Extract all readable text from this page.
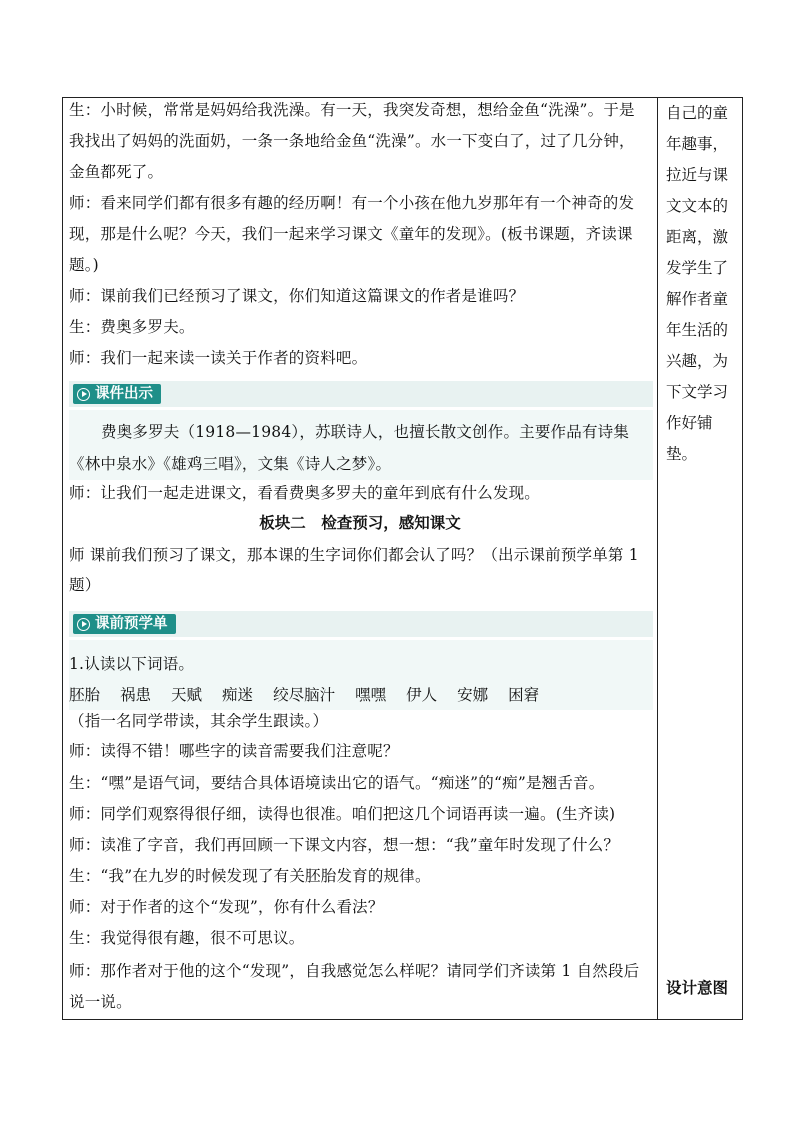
生：小时候，常常是妈妈给我洗澡。有一天，我突发奇想，想给金鱼“洗澡”。于是
我找出了妈妈的洗面奶，一条一条地给金鱼“洗澡”。水一下变白了，过了几分钟，
金鱼都死了。
师：看来同学们都有很多有趣的经历啊！有一个小孩在他九岁那年有一个神奇的发
现，那是什么呢？今天，我们一起来学习课文《童年的发现》。(板书课题，齐读课
题。)
师：课前我们已经预习了课文，你们知道这篇课文的作者是谁吗？
生：费奥多罗夫。
师：我们一起来读一读关于作者的资料吧。
课件出示
费奥多罗夫（1918—1984），苏联诗人，也擅长散文创作。主要作品有诗集
《林中泉水》《雄鸡三唱》，文集《诗人之梦》。
师：让我们一起走进课文，看看费奥多罗夫的童年到底有什么发现。
板块二　检查预习，感知课文
师 课前我们预习了课文，那本课的生字词你们都会认了吗？（出示课前预学单第 1
题）
课前预学单
1.认读以下词语。
胚胎 祸患 天赋 痴迷 绞尽脑汁 嘿嘿 伊人 安娜 困窘
（指一名同学带读，其余学生跟读。）
师：读得不错！哪些字的读音需要我们注意呢？
生：“嘿”是语气词，要结合具体语境读出它的语气。“痴迷”的“痴”是翘舌音。
师：同学们观察得很仔细，读得也很准。咱们把这几个词语再读一遍。(生齐读)
师：读准了字音，我们再回顾一下课文内容，想一想：“我”童年时发现了什么？
生：“我”在九岁的时候发现了有关胚胎发育的规律。
师：对于作者的这个“发现”，你有什么看法？
生：我觉得很有趣，很不可思议。
师：那作者对于他的这个“发现”，自我感觉怎么样呢？请同学们齐读第 1 自然段后
说一说。
自己的童
年趣事，
拉近与课
文文本的
距离，激
发学生了
解作者童
年生活的
兴趣，为
下文学习
作好铺
垫。
设计意图
